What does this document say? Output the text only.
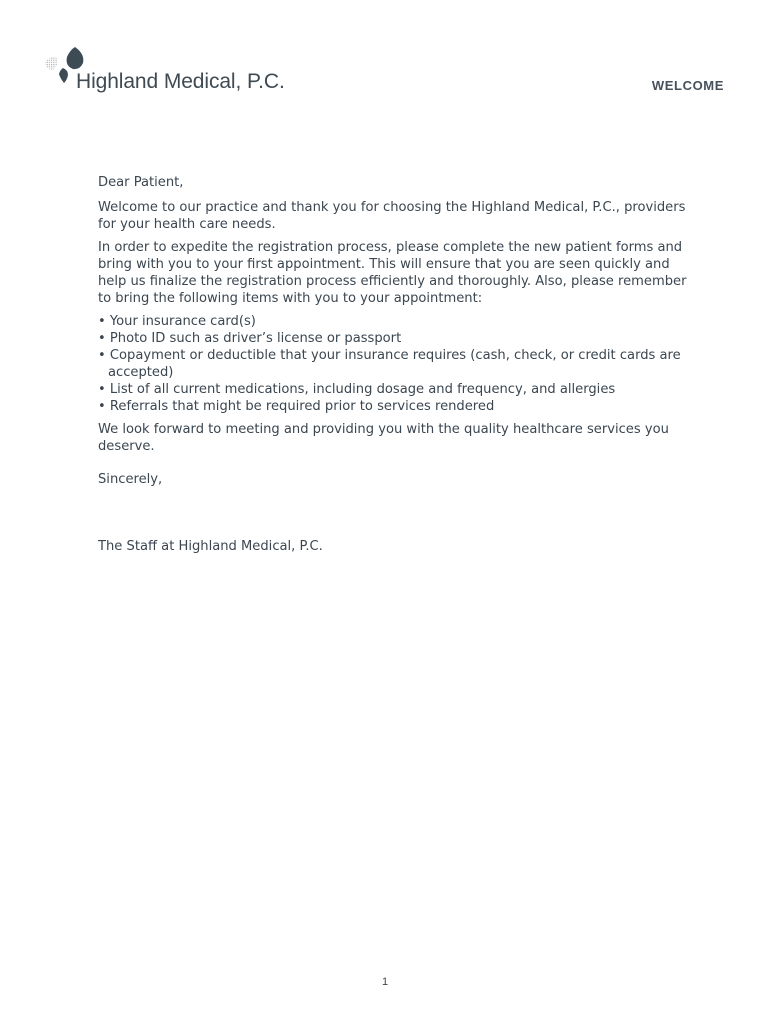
Highland Medical, P.C.	WELCOME

Dear Patient,

Welcome to our practice and thank you for choosing the Highland Medical, P.C., providers for your health care needs.

In order to expedite the registration process, please complete the new patient forms and bring with you to your first appointment. This will ensure that you are seen quickly and help us finalize the registration process efficiently and thoroughly. Also, please remember to bring the following items with you to your appointment:

• Your insurance card(s)
• Photo ID such as driver’s license or passport
• Copayment or deductible that your insurance requires (cash, check, or credit cards are accepted)
• List of all current medications, including dosage and frequency, and allergies
• Referrals that might be required prior to services rendered

We look forward to meeting and providing you with the quality healthcare services you deserve.

Sincerely,

The Staff at Highland Medical, P.C.

1
